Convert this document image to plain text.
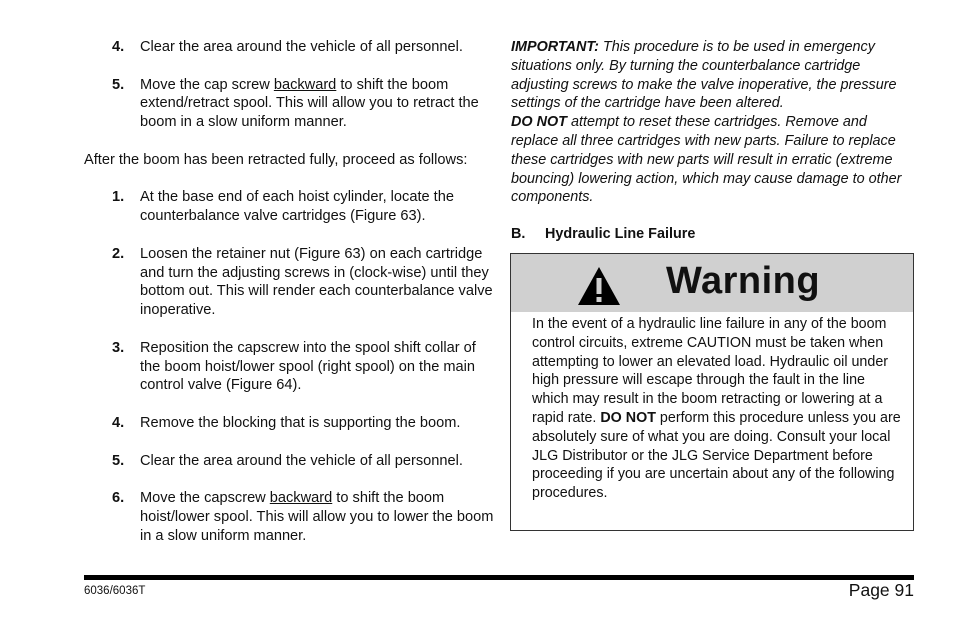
4. Clear the area around the vehicle of all personnel.
5. Move the cap screw backward to shift the boom extend/retract spool. This will allow you to retract the boom in a slow uniform manner.
After the boom has been retracted fully, proceed as follows:
1. At the base end of each hoist cylinder, locate the counterbalance valve cartridges (Figure 63).
2. Loosen the retainer nut (Figure 63) on each cartridge and turn the adjusting screws in (clock-wise) until they bottom out. This will render each counterbalance valve inoperative.
3. Reposition the capscrew into the spool shift collar of the boom hoist/lower spool (right spool) on the main control valve (Figure 64).
4. Remove the blocking that is supporting the boom.
5. Clear the area around the vehicle of all personnel.
6. Move the capscrew backward to shift the boom hoist/lower spool. This will allow you to lower the boom in a slow uniform manner.

IMPORTANT: This procedure is to be used in emergency situations only. By turning the counterbalance cartridge adjusting screws to make the valve inoperative, the pressure settings of the cartridge have been altered.

DO NOT attempt to reset these cartridges. Remove and replace all three cartridges with new parts. Failure to replace these cartridges with new parts will result in erratic (extreme bouncing) lowering action, which may cause damage to other components.

B. Hydraulic Line Failure
Warning
In the event of a hydraulic line failure in any of the boom control circuits, extreme CAUTION must be taken when attempting to lower an elevated load. Hydraulic oil under high pressure will escape through the fault in the line which may result in the boom retracting or lowering at a rapid rate. DO NOT perform this procedure unless you are absolutely sure of what you are doing. Consult your local JLG Distributor or the JLG Service Department before proceeding if you are uncertain about any of the following procedures.
6036/6036T	Page 91
